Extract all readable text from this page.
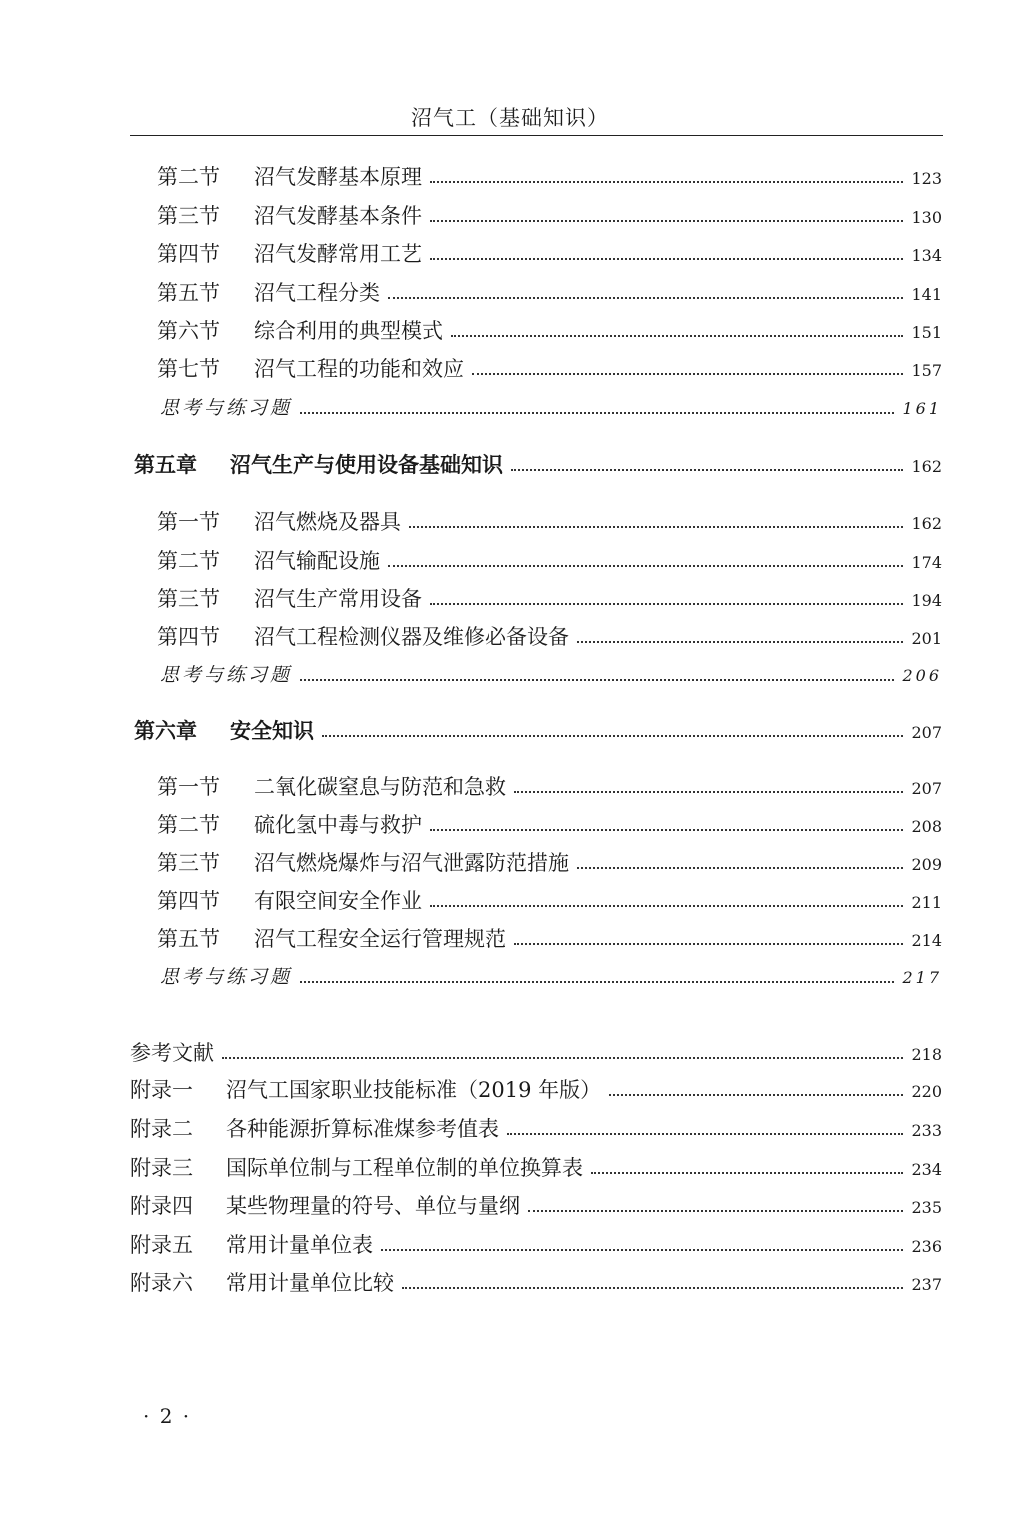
沼气工（基础知识）
第二节	沼气发酵基本原理	123
第三节	沼气发酵基本条件	130
第四节	沼气发酵常用工艺	134
第五节	沼气工程分类	141
第六节	综合利用的典型模式	151
第七节	沼气工程的功能和效应	157
思考与练习题	161
第五章	沼气生产与使用设备基础知识	162
第一节	沼气燃烧及器具	162
第二节	沼气输配设施	174
第三节	沼气生产常用设备	194
第四节	沼气工程检测仪器及维修必备设备	201
思考与练习题	206
第六章	安全知识	207
第一节	二氧化碳窒息与防范和急救	207
第二节	硫化氢中毒与救护	208
第三节	沼气燃烧爆炸与沼气泄露防范措施	209
第四节	有限空间安全作业	211
第五节	沼气工程安全运行管理规范	214
思考与练习题	217
参考文献	218
附录一	沼气工国家职业技能标准（2019 年版）	220
附录二	各种能源折算标准煤参考值表	233
附录三	国际单位制与工程单位制的单位换算表	234
附录四	某些物理量的符号、单位与量纲	235
附录五	常用计量单位表	236
附录六	常用计量单位比较	237
· 2 ·
